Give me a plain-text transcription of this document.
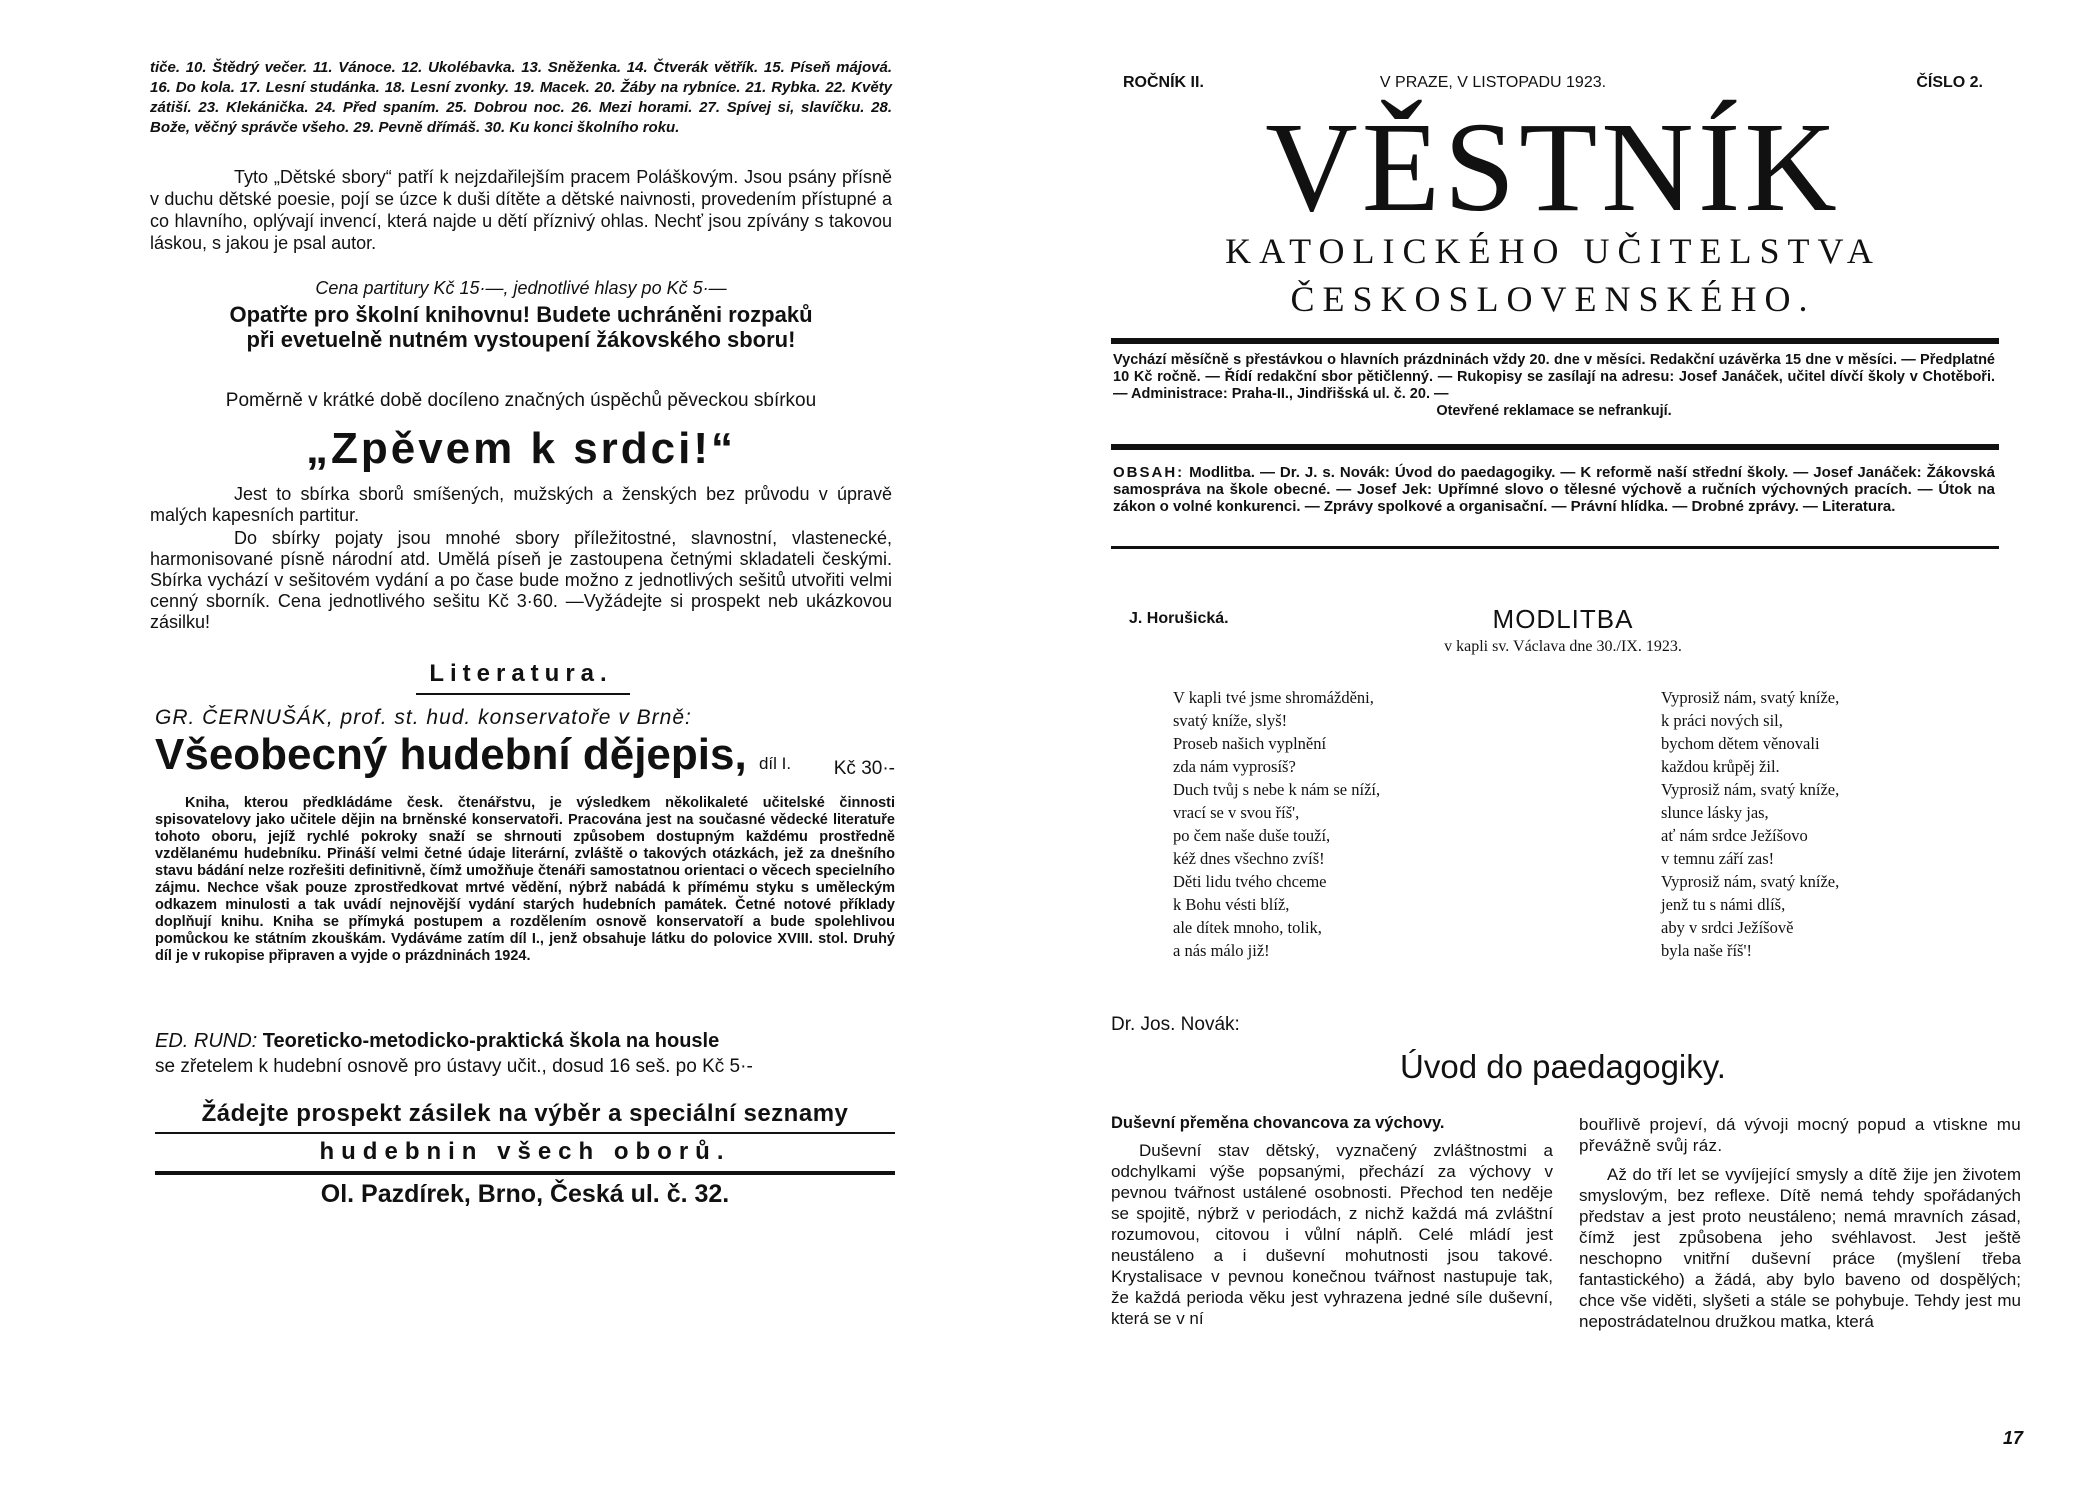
tiče. 10. Štědrý večer. 11. Vánoce. 12. Ukolébavka. 13. Sněženka. 14. Čtverák větřík. 15. Píseň májová. 16. Do kola. 17. Lesní studánka. 18. Lesní zvonky. 19. Macek. 20. Žáby na rybníce. 21. Rybka. 22. Květy zátiší. 23. Klekánička. 24. Před spaním. 25. Dobrou noc. 26. Mezi horami. 27. Spívej si, slavíčku. 28. Bože, věčný správče všeho. 29. Pevně dřímáš. 30. Ku konci školního roku.
Tyto „Dětské sbory“ patří k nejzdařilejším pracem Poláškovým. Jsou psány přísně v duchu dětské poesie, pojí se úzce k duši dítěte a dětské naivnosti, provedením přístupné a co hlavního, oplývají invencí, která najde u dětí příznivý ohlas. Nechť jsou zpívány s takovou láskou, s jakou je psal autor.
Cena partitury Kč 15·—, jednotlivé hlasy po Kč 5·—
Opatřte pro školní knihovnu! Budete uchráněni rozpaků
při evetuelně nutném vystoupení žákovského sboru!
Poměrně v krátké době docíleno značných úspěchů pěveckou sbírkou
„Zpěvem k srdci!“
Jest to sbírka sborů smíšených, mužských a ženských bez průvodu v úpravě malých kapesních partitur.
Do sbírky pojaty jsou mnohé sbory příležitostné, slavnostní, vlastenecké, harmonisované písně národní atd. Umělá píseň je zastoupena četnými skladateli českými. Sbírka vychází v sešitovém vydání a po čase bude možno z jednotlivých sešitů utvořiti velmi cenný sborník. Cena jednotlivého sešitu Kč 3·60. —Vyžádejte si prospekt neb ukázkovou zásilku!
Literatura.
GR. ČERNUŠÁK, prof. st. hud. konservatoře v Brně:
Všeobecný hudební dějepis, díl I. Kč 30·-
Kniha, kterou předkládáme česk. čtenářstvu, je výsledkem několikaleté učitelské činnosti spisovatelovy jako učitele dějin na brněnské konservatoři. Pracována jest na současné vědecké literatuře tohoto oboru, jejíž rychlé pokroky snaží se shrnouti způsobem dostupným každému prostředně vzdělanému hudebníku. Přináší velmi četné údaje literární, zvláště o takových otázkách, jež za dnešního stavu bádání nelze rozřešiti definitivně, čímž umožňuje čtenáři samostatnou orientaci o věcech specielního zájmu. Nechce však pouze zprostředkovat mrtvé vědění, nýbrž nabádá k přímému styku s uměleckým odkazem minulosti a tak uvádí nejnovější vydání starých hudebních památek. Četné notové příklady doplňují knihu. Kniha se přímyká postupem a rozdělením osnově konservatoří a bude spolehlivou pomůckou ke státním zkouškám. Vydáváme zatím díl I., jenž obsahuje látku do polovice XVIII. stol. Druhý díl je v rukopise připraven a vyjde o prázdninách 1924.
ED. RUND: Teoreticko-metodicko-praktická škola na housle
se zřetelem k hudební osnově pro ústavy učit., dosud 16 seš. po Kč 5·-
Žádejte prospekt zásilek na výběr a speciální seznamy
hudebnin všech oborů.
Ol. Pazdírek, Brno, Česká ul. č. 32.
ROČNÍK II.	V PRAZE, V LISTOPADU 1923.	ČÍSLO 2.
VĚSTNÍK
KATOLICKÉHO UČITELSTVA
ČESKOSLOVENSKÉHO.
Vychází měsíčně s přestávkou o hlavních prázdninách vždy 20. dne v měsíci. Redakční uzávěrka 15 dne v měsíci. — Předplatné 10 Kč ročně. — Řídí redakční sbor pětičlenný. — Rukopisy se zasílají na adresu: Josef Janáček, učitel dívčí školy v Chotěboři. — Administrace: Praha-II., Jindřišská ul. č. 20. —
Otevřené reklamace se nefrankují.
OBSAH: Modlitba. — Dr. J. s. Novák: Úvod do paedagogiky. — K reformě naší střední školy. — Josef Janáček: Žákovská samospráva na škole obecné. — Josef Jek: Upřímné slovo o tělesné výchově a ručních výchovných pracích. — Útok na zákon o volné konkurenci. — Zprávy spolkové a organisační. — Právní hlídka. — Drobné zprávy. — Literatura.
J. Horušická.	MODLITBA
v kapli sv. Václava dne 30./IX. 1923.
V kapli tvé jsme shromážděni,
svatý kníže, slyš!
Proseb našich vyplnění
zda nám vyprosíš?
Duch tvůj s nebe k nám se níží,
vrací se v svou říš',
po čem naše duše touží,
kéž dnes všechno zvíš!
Děti lidu tvého chceme
k Bohu vésti blíž,
ale dítek mnoho, tolik,
a nás málo již!
Vyprosiž nám, svatý kníže,
k práci nových sil,
bychom dětem věnovali
každou krůpěj žil.
Vyprosiž nám, svatý kníže,
slunce lásky jas,
ať nám srdce Ježíšovo
v temnu září zas!
Vyprosiž nám, svatý kníže,
jenž tu s námi dlíš,
aby v srdci Ježíšově
byla naše říš'!
Dr. Jos. Novák:
Úvod do paedagogiky.
Duševní přeměna chovancova za výchovy.
Duševní stav dětský, vyznačený zvláštnostmi a odchylkami výše popsanými, přechází za výchovy v pevnou tvářnost ustálené osobnosti. Přechod ten neděje se spojitě, nýbrž v periodách, z nichž každá má zvláštní rozumovou, citovou i vůlní náplň. Celé mládí jest neustáleno a i duševní mohutnosti jsou takové. Krystalisace v pevnou konečnou tvářnost nastupuje tak, že každá perioda věku jest vyhrazena jedné síle duševní, která se v ní
bouřlivě projeví, dá vývoji mocný popud a vtiskne mu převážně svůj ráz.
Až do tří let se vyvíjející smysly a dítě žije jen životem smyslovým, bez reflexe. Dítě nemá tehdy spořádaných představ a jest proto neustáleno; nemá mravních zásad, čímž jest způsobena jeho svéhlavost. Jest ještě neschopno vnitřní duševní práce (myšlení třeba fantastického) a žádá, aby bylo baveno od dospělých; chce vše viděti, slyšeti a stále se pohybuje. Tehdy jest mu nepostrádatelnou družkou matka, která
17
